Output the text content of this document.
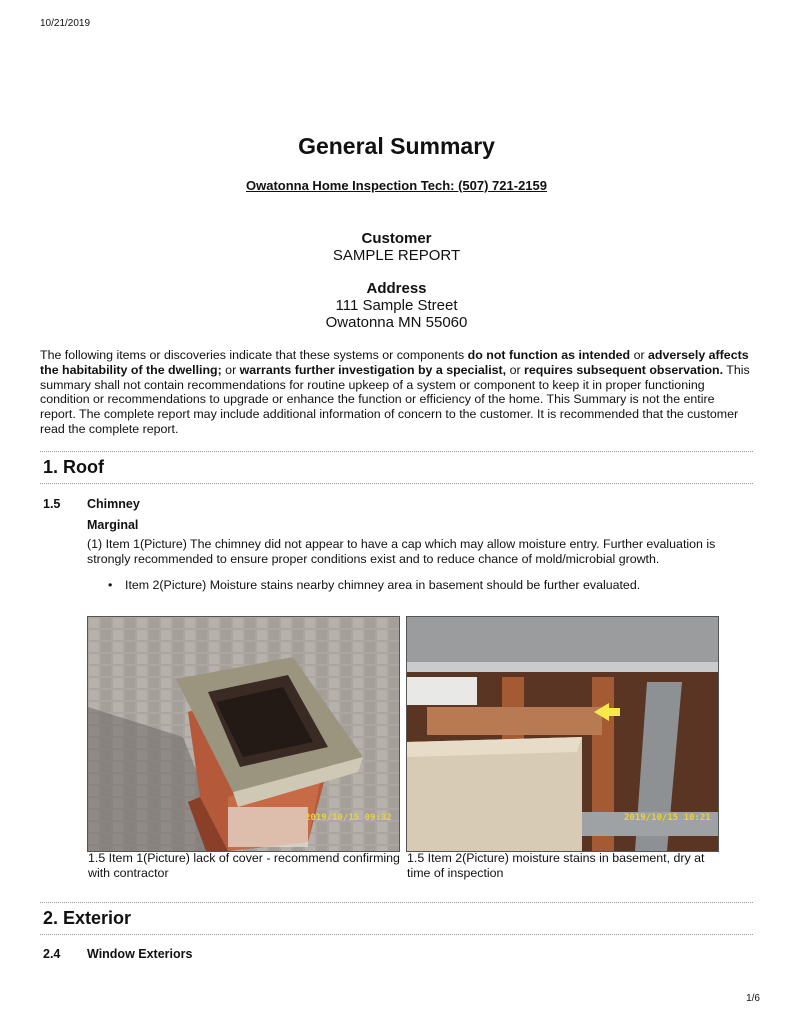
10/21/2019
General Summary
Owatonna Home Inspection Tech: (507) 721-2159
Customer
SAMPLE REPORT
Address
111 Sample Street
Owatonna MN 55060
The following items or discoveries indicate that these systems or components do not function as intended or adversely affects the habitability of the dwelling; or warrants further investigation by a specialist, or requires subsequent observation. This summary shall not contain recommendations for routine upkeep of a system or component to keep it in proper functioning condition or recommendations to upgrade or enhance the function or efficiency of the home. This Summary is not the entire report. The complete report may include additional information of concern to the customer. It is recommended that the customer read the complete report.
1. Roof
1.5 Chimney
Marginal
(1) Item 1(Picture) The chimney did not appear to have a cap which may allow moisture entry. Further evaluation is strongly recommended to ensure proper conditions exist and to reduce chance of mold/microbial growth.
• Item 2(Picture) Moisture stains nearby chimney area in basement should be further evaluated.
2019/10/15 09:32	2019/10/15 10:21
1.5 Item 1(Picture) lack of cover - recommend confirming with contractor
1.5 Item 2(Picture) moisture stains in basement, dry at time of inspection
2. Exterior
2.4 Window Exteriors
1/6
